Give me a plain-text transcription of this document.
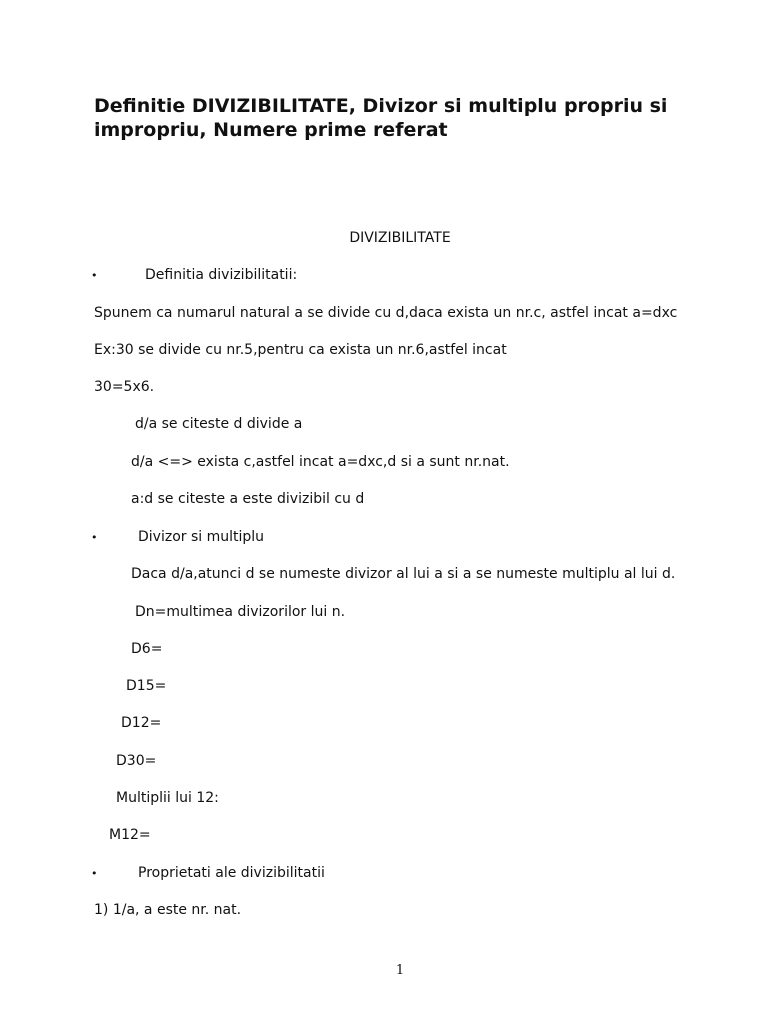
Definitie DIVIZIBILITATE, Divizor si multiplu propriu si impropriu, Numere prime referat

DIVIZIBILITATE

•	Definitia divizibilitatii:

Spunem ca numarul natural a se divide cu d,daca exista un nr.c, astfel incat a=dxc

Ex:30 se divide cu nr.5,pentru ca exista un nr.6,astfel incat

30=5x6.

d/a se citeste d divide a

d/a <=> exista c,astfel incat a=dxc,d si a sunt nr.nat.

a:d se citeste a este divizibil cu d

•	Divizor si multiplu

Daca d/a,atunci d se numeste divizor al lui a si a se numeste multiplu al lui d.

Dn=multimea divizorilor lui n.

D6=

D15=

D12=

D30=

Multiplii lui 12:

M12=

•	Proprietati ale divizibilitatii

1) 1/a, a este nr. nat.

1
